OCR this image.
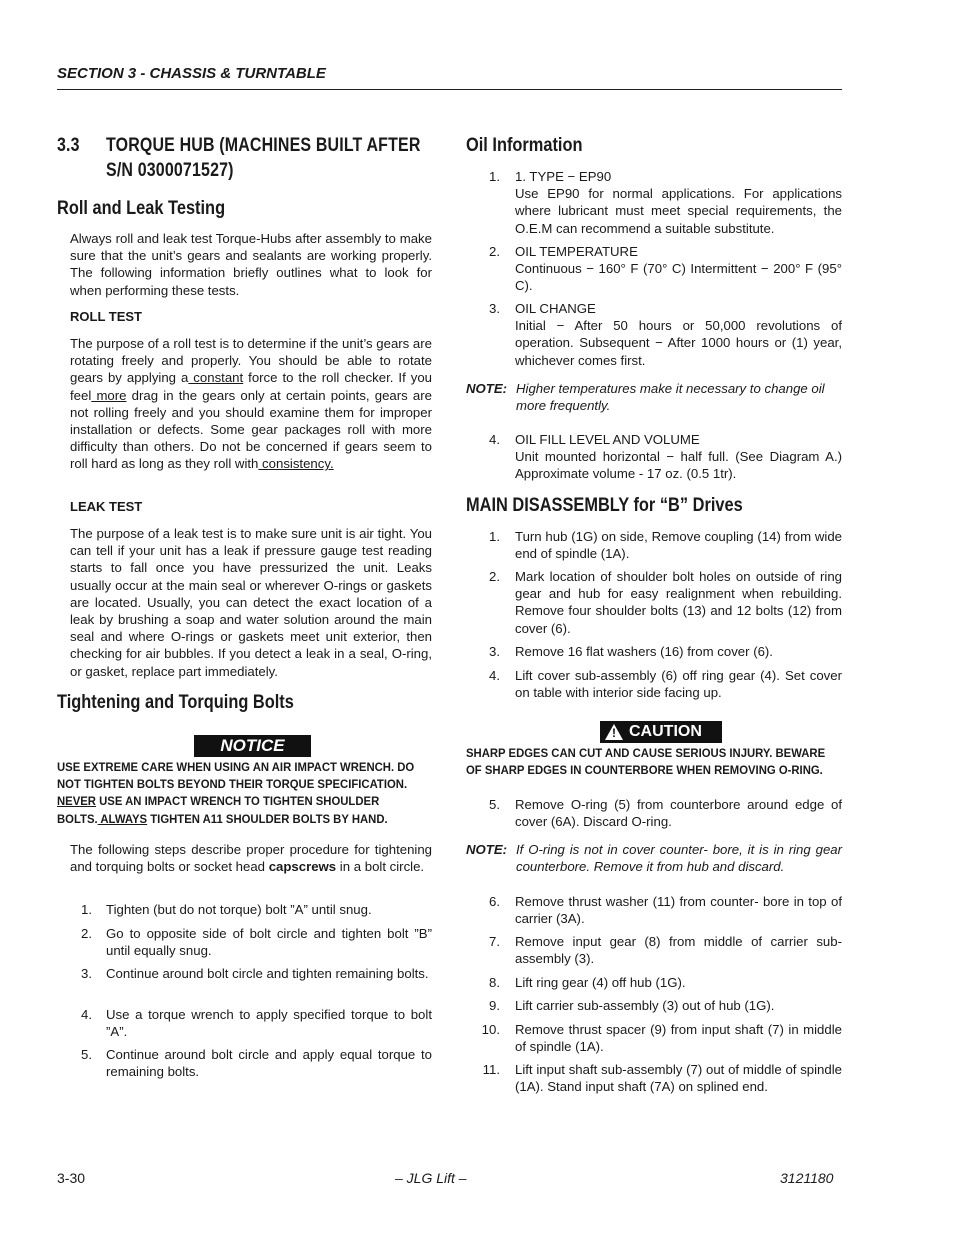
SECTION 3 - CHASSIS & TURNTABLE
3.3 TORQUE HUB (MACHINES BUILT AFTER
S/N 0300071527)
Roll and Leak Testing
Always roll and leak test Torque-Hubs after assembly to make sure that the unit’s gears and sealants are working properly. The following information briefly outlines what to look for when performing these tests.
ROLL TEST
The purpose of a roll test is to determine if the unit’s gears are rotating freely and properly. You should be able to rotate gears by applying a constant force to the roll checker. If you feel more drag in the gears only at certain points, gears are not rolling freely and you should examine them for improper installation or defects. Some gear packages roll with more difficulty than others. Do not be concerned if gears seem to roll hard as long as they roll with consistency.
LEAK TEST
The purpose of a leak test is to make sure unit is air tight. You can tell if your unit has a leak if pressure gauge test reading starts to fall once you have pressurized the unit. Leaks usually occur at the main seal or wherever O-rings or gaskets are located. Usually, you can detect the exact location of a leak by brushing a soap and water solution around the main seal and where O-rings or gaskets meet unit exterior, then checking for air bubbles. If you detect a leak in a seal, O-ring, or gasket, replace part immediately.
Tightening and Torquing Bolts
NOTICE
USE EXTREME CARE WHEN USING AN AIR IMPACT WRENCH. DO
NOT TIGHTEN BOLTS BEYOND THEIR TORQUE SPECIFICATION.
NEVER USE AN IMPACT WRENCH TO TIGHTEN SHOULDER
BOLTS. ALWAYS TIGHTEN A11 SHOULDER BOLTS BY HAND.
The following steps describe proper procedure for tightening and torquing bolts or socket head capscrews in a bolt circle.
1. Tighten (but do not torque) bolt ”A” until snug.
2. Go to opposite side of bolt circle and tighten bolt ”B” until equally snug.
3. Continue around bolt circle and tighten remaining bolts.
4. Use a torque wrench to apply specified torque to bolt ”A”.
5. Continue around bolt circle and apply equal torque to remaining bolts.
Oil Information
1. 1. TYPE − EP90
Use EP90 for normal applications. For applications where lubricant must meet special requirements, the O.E.M can recommend a suitable substitute.
2. OIL TEMPERATURE
Continuous − 160° F (70° C) Intermittent − 200° F (95° C).
3. OIL CHANGE
Initial − After 50 hours or 50,000 revolutions of operation. Subsequent − After 1000 hours or (1) year, whichever comes first.
NOTE: Higher temperatures make it necessary to change oil more frequently.
4. OIL FILL LEVEL AND VOLUME
Unit mounted horizontal − half full. (See Diagram A.) Approximate volume - 17 oz. (0.5 1tr).
MAIN DISASSEMBLY for “B” Drives
1. Turn hub (1G) on side, Remove coupling (14) from wide end of spindle (1A).
2. Mark location of shoulder bolt holes on outside of ring gear and hub for easy realignment when rebuilding. Remove four shoulder bolts (13) and 12 bolts (12) from cover (6).
3. Remove 16 flat washers (16) from cover (6).
4. Lift cover sub-assembly (6) off ring gear (4). Set cover on table with interior side facing up.
! CAUTION
SHARP EDGES CAN CUT AND CAUSE SERIOUS INJURY. BEWARE
OF SHARP EDGES IN COUNTERBORE WHEN REMOVING O-RING.
5. Remove O-ring (5) from counterbore around edge of cover (6A). Discard O-ring.
NOTE: If O-ring is not in cover counter- bore, it is in ring gear counterbore. Remove it from hub and discard.
6. Remove thrust washer (11) from counter- bore in top of carrier (3A).
7. Remove input gear (8) from middle of carrier sub-assembly (3).
8. Lift ring gear (4) off hub (1G).
9. Lift carrier sub-assembly (3) out of hub (1G).
10. Remove thrust spacer (9) from input shaft (7) in middle of spindle (1A).
11. Lift input shaft sub-assembly (7) out of middle of spindle (1A). Stand input shaft (7A) on splined end.
3-30	– JLG Lift –	3121180
